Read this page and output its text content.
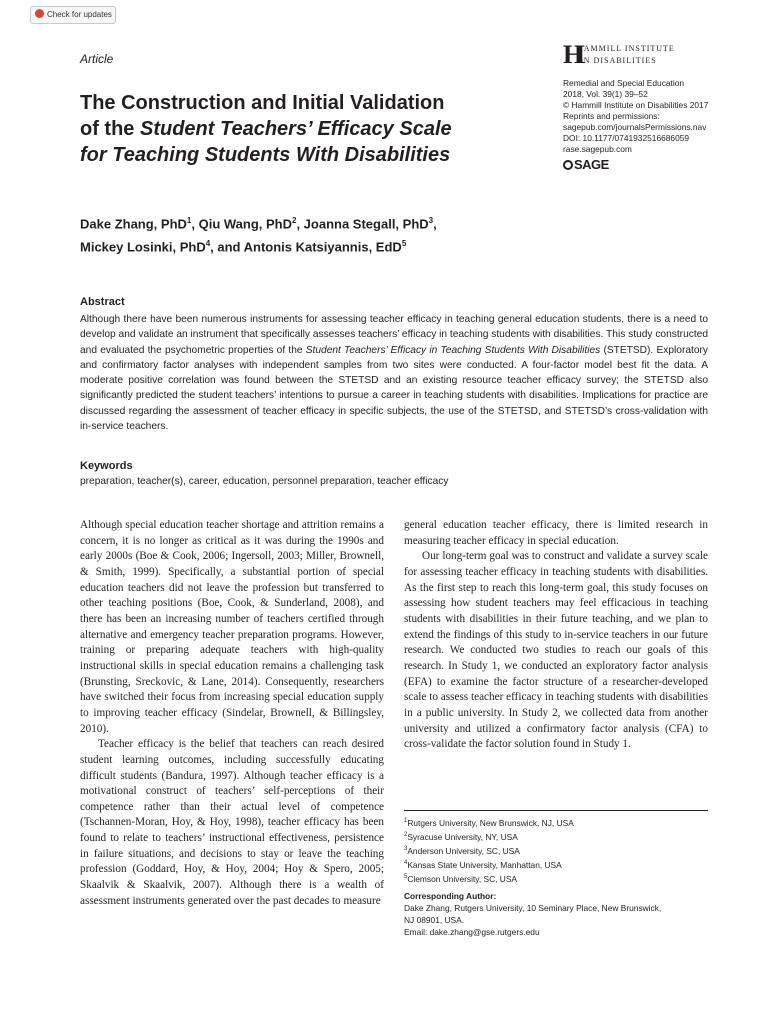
Check for updates
Article
The Construction and Initial Validation
of the Student Teachers’ Efficacy Scale
for Teaching Students With Disabilities
HI HAMMILL INSTITUTE
ON DISABILITIES
Remedial and Special Education
2018, Vol. 39(1) 39–52
© Hammill Institute on Disabilities 2017
Reprints and permissions:
sagepub.com/journalsPermissions.nav
DOI: 10.1177/0741932516686059
rase.sagepub.com
SAGE
Dake Zhang, PhD$^1$, Qiu Wang, PhD$^2$, Joanna Stegall, PhD$^3$,
Mickey Losinki, PhD$^4$, and Antonis Katsiyannis, EdD$^5$
Abstract

Although there have been numerous instruments for assessing teacher efficacy in teaching general education students, there is a need to develop and validate an instrument that specifically assesses teachers’ efficacy in teaching students with disabilities. This study constructed and evaluated the psychometric properties of the Student Teachers’ Efficacy in Teaching Students With Disabilities (STETSD). Exploratory and confirmatory factor analyses with independent samples from two sites were conducted. A four-factor model best fit the data. A moderate positive correlation was found between the STETSD and an existing resource teacher efficacy survey; the STETSD also significantly predicted the student teachers’ intentions to pursue a career in teaching students with disabilities. Implications for practice are discussed regarding the assessment of teacher efficacy in specific subjects, the use of the STETSD, and STETSD’s cross-validation with in-service teachers.

Keywords
preparation, teacher(s), career, education, personnel preparation, teacher efficacy

Although special education teacher shortage and attrition remains a concern, it is no longer as critical as it was during the 1990s and early 2000s (Boe & Cook, 2006; Ingersoll, 2003; Miller, Brownell, & Smith, 1999). Specifically, a substantial portion of special education teachers did not leave the profession but transferred to other teaching positions (Boe, Cook, & Sunderland, 2008), and there has been an increasing number of teachers certified through alternative and emergency teacher preparation programs. However, training or preparing adequate teachers with high-quality instructional skills in special education remains a challenging task (Brunsting, Sreckovic, & Lane, 2014). Consequently, researchers have switched their focus from increasing special education supply to improving teacher efficacy (Sindelar, Brownell, & Billingsley, 2010).

Teacher efficacy is the belief that teachers can reach desired student learning outcomes, including successfully educating difficult students (Bandura, 1997). Although teacher efficacy is a motivational construct of teachers’ self-perceptions of their competence rather than their actual level of competence (Tschannen-Moran, Hoy, & Hoy, 1998), teacher efficacy has been found to relate to teachers’ instructional effectiveness, persistence in failure situations, and decisions to stay or leave the teaching profession (Goddard, Hoy, & Hoy, 2004; Hoy & Spero, 2005; Skaalvik & Skaalvik, 2007). Although there is a wealth of assessment instruments generated over the past decades to measure

general education teacher efficacy, there is limited research in measuring teacher efficacy in special education.

Our long-term goal was to construct and validate a survey scale for assessing teacher efficacy in teaching students with disabilities. As the first step to reach this long-term goal, this study focuses on assessing how student teachers may feel efficacious in teaching students with disabilities in their future teaching, and we plan to extend the findings of this study to in-service teachers in our future research. We conducted two studies to reach our goals of this research. In Study 1, we conducted an exploratory factor analysis (EFA) to examine the factor structure of a researcher-developed scale to assess teacher efficacy in teaching students with disabilities in a public university. In Study 2, we collected data from another university and utilized a confirmatory factor analysis (CFA) to cross-validate the factor solution found in Study 1.

$^1$Rutgers University, New Brunswick, NJ, USA
$^2$Syracuse University, NY, USA
$^3$Anderson University, SC, USA
$^4$Kansas State University, Manhattan, USA
$^5$Clemson University, SC, USA
Corresponding Author:
Dake Zhang, Rutgers University, 10 Seminary Place, New Brunswick,
NJ 08901, USA.
Email: dake.zhang@gse.rutgers.edu
